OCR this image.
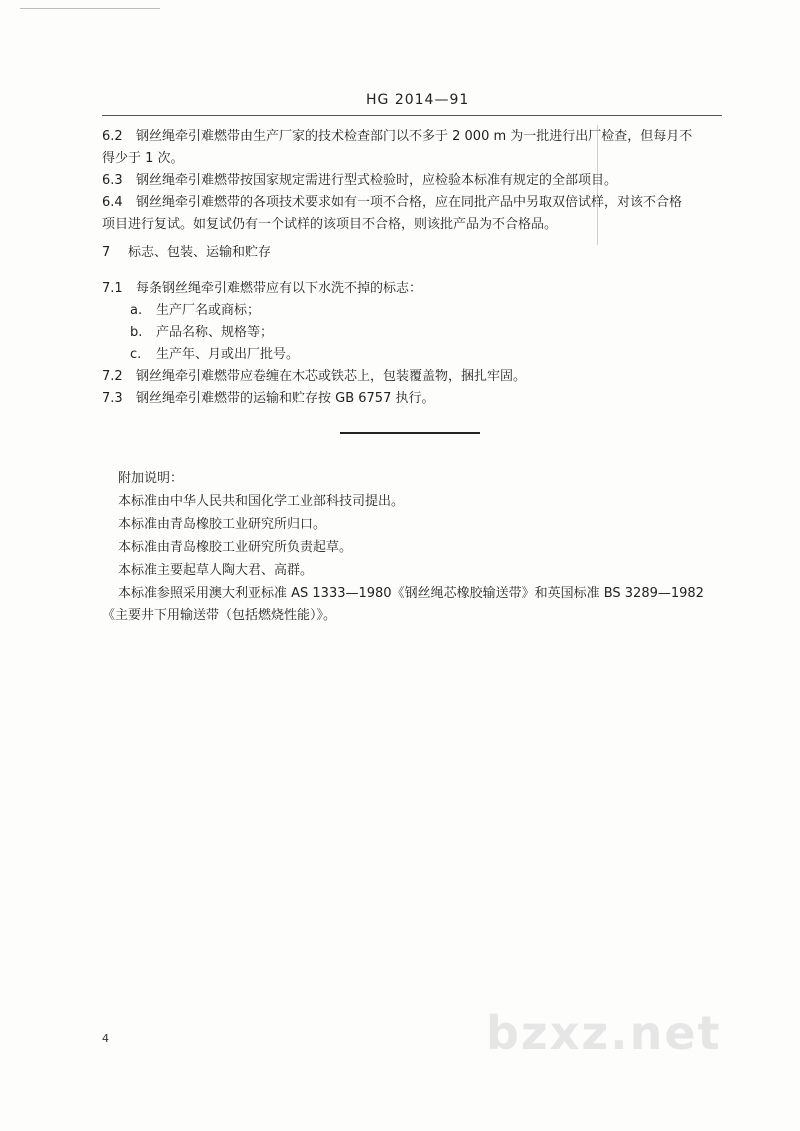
HG 2014—91
6.2 钢丝绳牵引难燃带由生产厂家的技术检查部门以不多于 2 000 m 为一批进行出厂检查，但每月不
得少于 1 次。
6.3 钢丝绳牵引难燃带按国家规定需进行型式检验时，应检验本标准有规定的全部项目。
6.4 钢丝绳牵引难燃带的各项技术要求如有一项不合格，应在同批产品中另取双倍试样，对该不合格
项目进行复试。如复试仍有一个试样的该项目不合格，则该批产品为不合格品。
7 标志、包装、运输和贮存
7.1 每条钢丝绳牵引难燃带应有以下水洗不掉的标志：
a. 生产厂名或商标；
b. 产品名称、规格等；
c. 生产年、月或出厂批号。
7.2 钢丝绳牵引难燃带应卷缠在木芯或铁芯上，包装覆盖物，捆扎牢固。
7.3 钢丝绳牵引难燃带的运输和贮存按 GB 6757 执行。
附加说明：
本标准由中华人民共和国化学工业部科技司提出。
本标准由青岛橡胶工业研究所归口。
本标准由青岛橡胶工业研究所负责起草。
本标准主要起草人陶大君、高群。
本标准参照采用澳大利亚标准 AS 1333—1980《钢丝绳芯橡胶输送带》和英国标准 BS 3289—1982
《主要井下用输送带（包括燃烧性能）》。
4	bzxz.net
